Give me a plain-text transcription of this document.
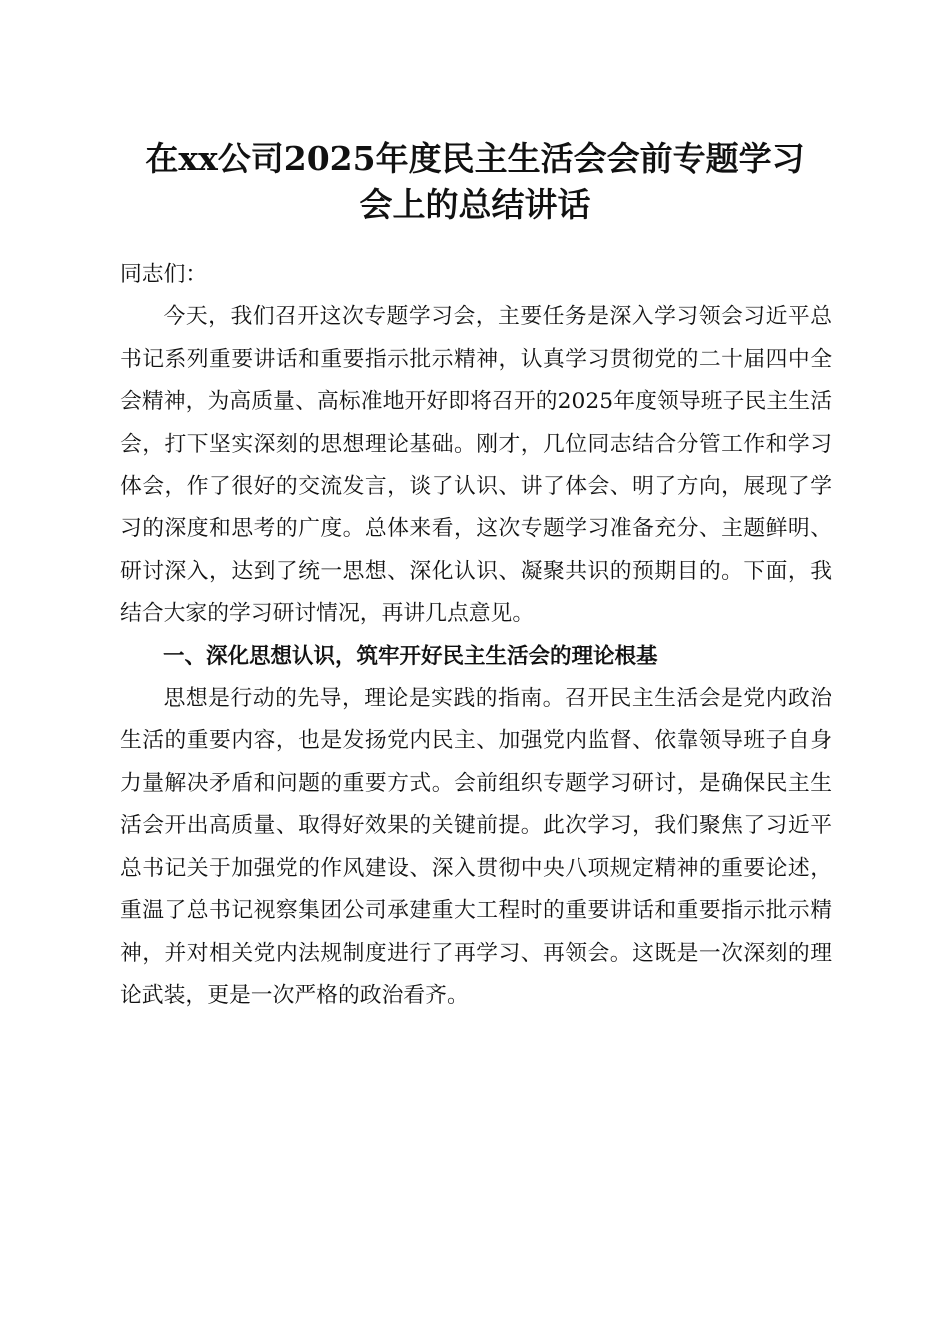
在xx公司2025年度民主生活会会前专题学习
会上的总结讲话

同志们：

今天，我们召开这次专题学习会，主要任务是深入学习领会习近平总书记系列重要讲话和重要指示批示精神，认真学习贯彻党的二十届四中全会精神，为高质量、高标准地开好即将召开的2025年度领导班子民主生活会，打下坚实深刻的思想理论基础。刚才，几位同志结合分管工作和学习体会，作了很好的交流发言，谈了认识、讲了体会、明了方向，展现了学习的深度和思考的广度。总体来看，这次专题学习准备充分、主题鲜明、研讨深入，达到了统一思想、深化认识、凝聚共识的预期目的。下面，我结合大家的学习研讨情况，再讲几点意见。

一、深化思想认识，筑牢开好民主生活会的理论根基

思想是行动的先导，理论是实践的指南。召开民主生活会是党内政治生活的重要内容，也是发扬党内民主、加强党内监督、依靠领导班子自身力量解决矛盾和问题的重要方式。会前组织专题学习研讨，是确保民主生活会开出高质量、取得好效果的关键前提。此次学习，我们聚焦了习近平总书记关于加强党的作风建设、深入贯彻中央八项规定精神的重要论述，重温了总书记视察集团公司承建重大工程时的重要讲话和重要指示批示精神，并对相关党内法规制度进行了再学习、再领会。这既是一次深刻的理论武装，更是一次严格的政治看齐。
